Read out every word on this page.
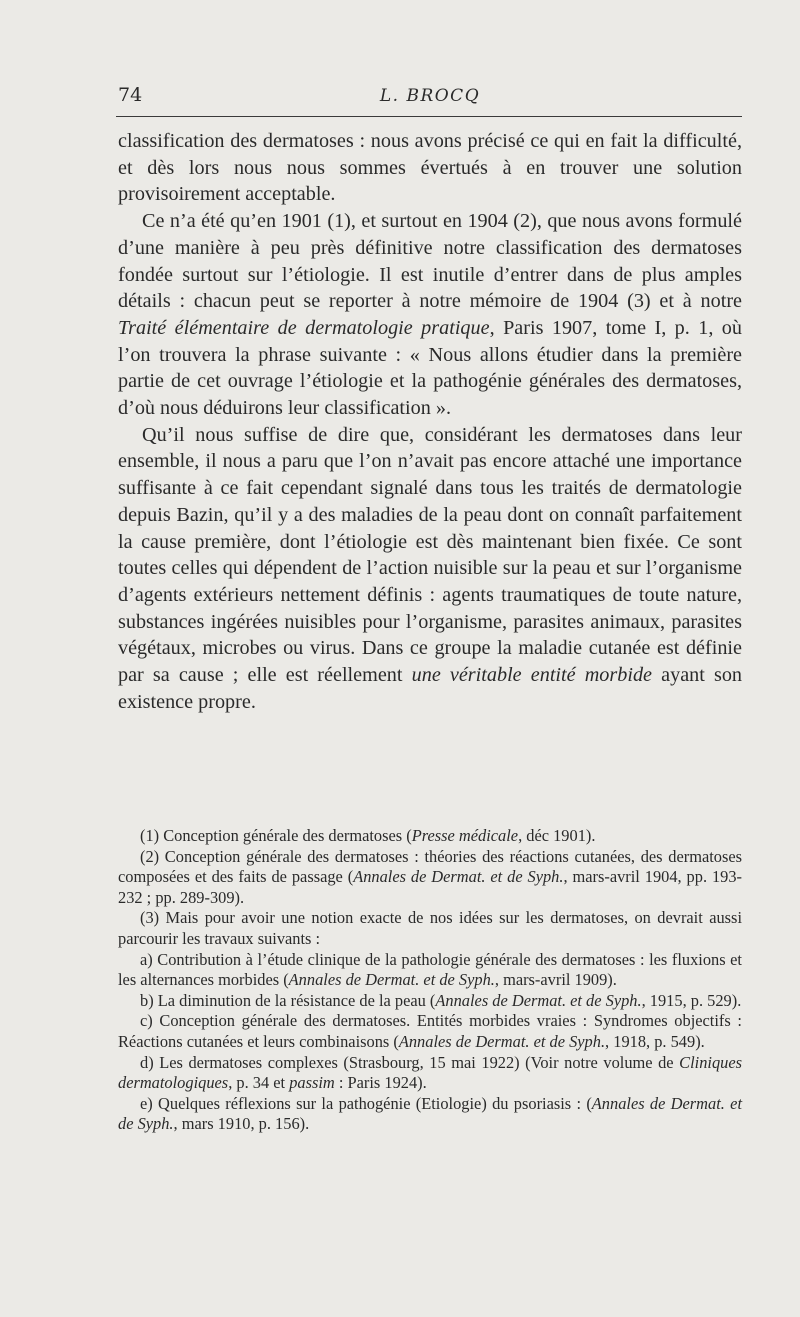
74	L. BROCQ

classification des dermatoses : nous avons précisé ce qui en fait la difficulté, et dès lors nous nous sommes évertués à en trouver une solution provisoirement acceptable.

Ce n’a été qu’en 1901 (1), et surtout en 1904 (2), que nous avons formulé d’une manière à peu près définitive notre classification des dermatoses fondée surtout sur l’étiologie. Il est inutile d’entrer dans de plus amples détails : chacun peut se reporter à notre mémoire de 1904 (3) et à notre Traité élémentaire de dermatologie pratique, Paris 1907, tome I, p. 1, où l’on trouvera la phrase suivante : « Nous allons étudier dans la première partie de cet ouvrage l’étiologie et la pathogénie générales des dermatoses, d’où nous déduirons leur classification ».

Qu’il nous suffise de dire que, considérant les dermatoses dans leur ensemble, il nous a paru que l’on n’avait pas encore attaché une importance suffisante à ce fait cependant signalé dans tous les traités de dermatologie depuis Bazin, qu’il y a des maladies de la peau dont on connaît parfaitement la cause première, dont l’étiologie est dès maintenant bien fixée. Ce sont toutes celles qui dépendent de l’action nuisible sur la peau et sur l’organisme d’agents extérieurs nettement définis : agents traumatiques de toute nature, substances ingérées nuisibles pour l’organisme, parasites animaux, parasites végétaux, microbes ou virus. Dans ce groupe la maladie cutanée est définie par sa cause ; elle est réellement une véritable entité morbide ayant son existence propre.

(1) Conception générale des dermatoses (Presse médicale, déc 1901).

(2) Conception générale des dermatoses : théories des réactions cutanées, des dermatoses composées et des faits de passage (Annales de Dermat. et de Syph., mars-avril 1904, pp. 193-232 ; pp. 289-309).

(3) Mais pour avoir une notion exacte de nos idées sur les dermatoses, on devrait aussi parcourir les travaux suivants :

a) Contribution à l’étude clinique de la pathologie générale des dermatoses : les fluxions et les alternances morbides (Annales de Dermat. et de Syph., mars-avril 1909).

b) La diminution de la résistance de la peau (Annales de Dermat. et de Syph., 1915, p. 529).

c) Conception générale des dermatoses. Entités morbides vraies : Syndromes objectifs : Réactions cutanées et leurs combinaisons (Annales de Dermat. et de Syph., 1918, p. 549).

d) Les dermatoses complexes (Strasbourg, 15 mai 1922) (Voir notre volume de Cliniques dermatologiques, p. 34 et passim : Paris 1924).

e) Quelques réflexions sur la pathogénie (Etiologie) du psoriasis : (Annales de Dermat. et de Syph., mars 1910, p. 156).
